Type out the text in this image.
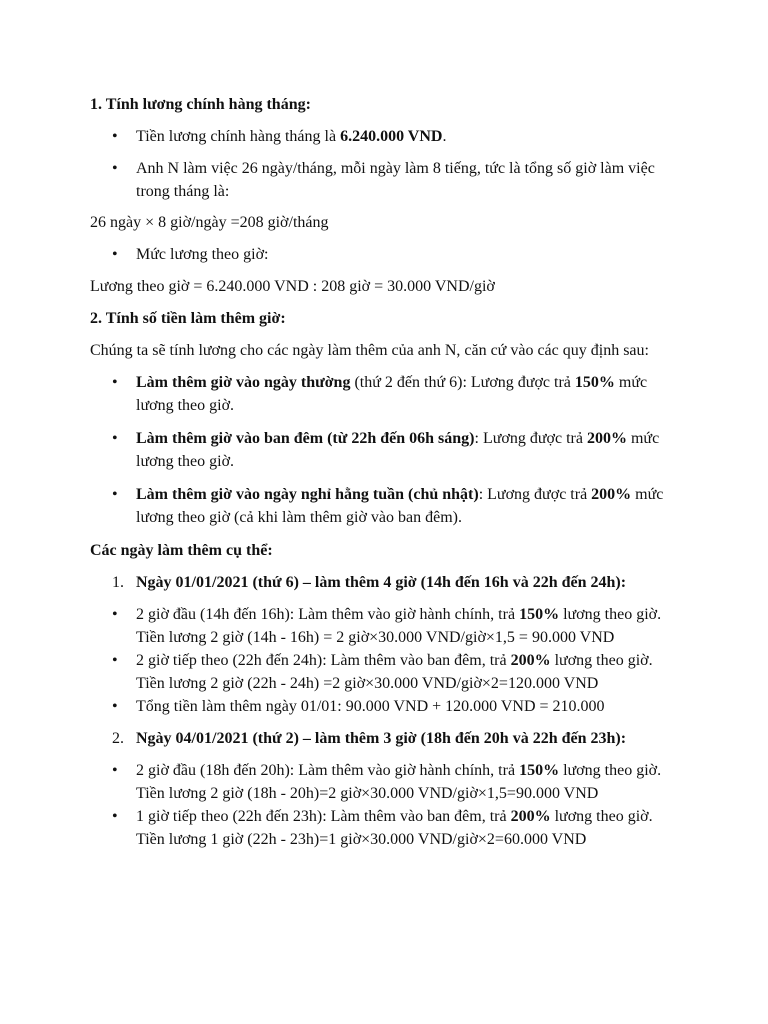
1. Tính lương chính hàng tháng:

• Tiền lương chính hàng tháng là 6.240.000 VND.
• Anh N làm việc 26 ngày/tháng, mỗi ngày làm 8 tiếng, tức là tổng số giờ làm việc trong tháng là:

26 ngày × 8 giờ/ngày =208 giờ/tháng

• Mức lương theo giờ:

Lương theo giờ = 6.240.000 VND : 208 giờ = 30.000 VND/giờ

2. Tính số tiền làm thêm giờ:

Chúng ta sẽ tính lương cho các ngày làm thêm của anh N, căn cứ vào các quy định sau:

• Làm thêm giờ vào ngày thường (thứ 2 đến thứ 6): Lương được trả 150% mức lương theo giờ.
• Làm thêm giờ vào ban đêm (từ 22h đến 06h sáng): Lương được trả 200% mức lương theo giờ.
• Làm thêm giờ vào ngày nghỉ hằng tuần (chủ nhật): Lương được trả 200% mức lương theo giờ (cả khi làm thêm giờ vào ban đêm).

Các ngày làm thêm cụ thể:

1. Ngày 01/01/2021 (thứ 6) – làm thêm 4 giờ (14h đến 16h và 22h đến 24h):
• 2 giờ đầu (14h đến 16h): Làm thêm vào giờ hành chính, trả 150% lương theo giờ.
Tiền lương 2 giờ (14h - 16h) = 2 giờ×30.000 VND/giờ×1,5 = 90.000 VND
• 2 giờ tiếp theo (22h đến 24h): Làm thêm vào ban đêm, trả 200% lương theo giờ. Tiền lương 2 giờ (22h - 24h) =2 giờ×30.000 VND/giờ×2=120.000 VND
• Tổng tiền làm thêm ngày 01/01: 90.000 VND + 120.000 VND = 210.000
2. Ngày 04/01/2021 (thứ 2) – làm thêm 3 giờ (18h đến 20h và 22h đến 23h):
• 2 giờ đầu (18h đến 20h): Làm thêm vào giờ hành chính, trả 150% lương theo giờ.
Tiền lương 2 giờ (18h - 20h)=2 giờ×30.000 VND/giờ×1,5=90.000 VND
• 1 giờ tiếp theo (22h đến 23h): Làm thêm vào ban đêm, trả 200% lương theo giờ. Tiền lương 1 giờ (22h - 23h)=1 giờ×30.000 VND/giờ×2=60.000 VND
